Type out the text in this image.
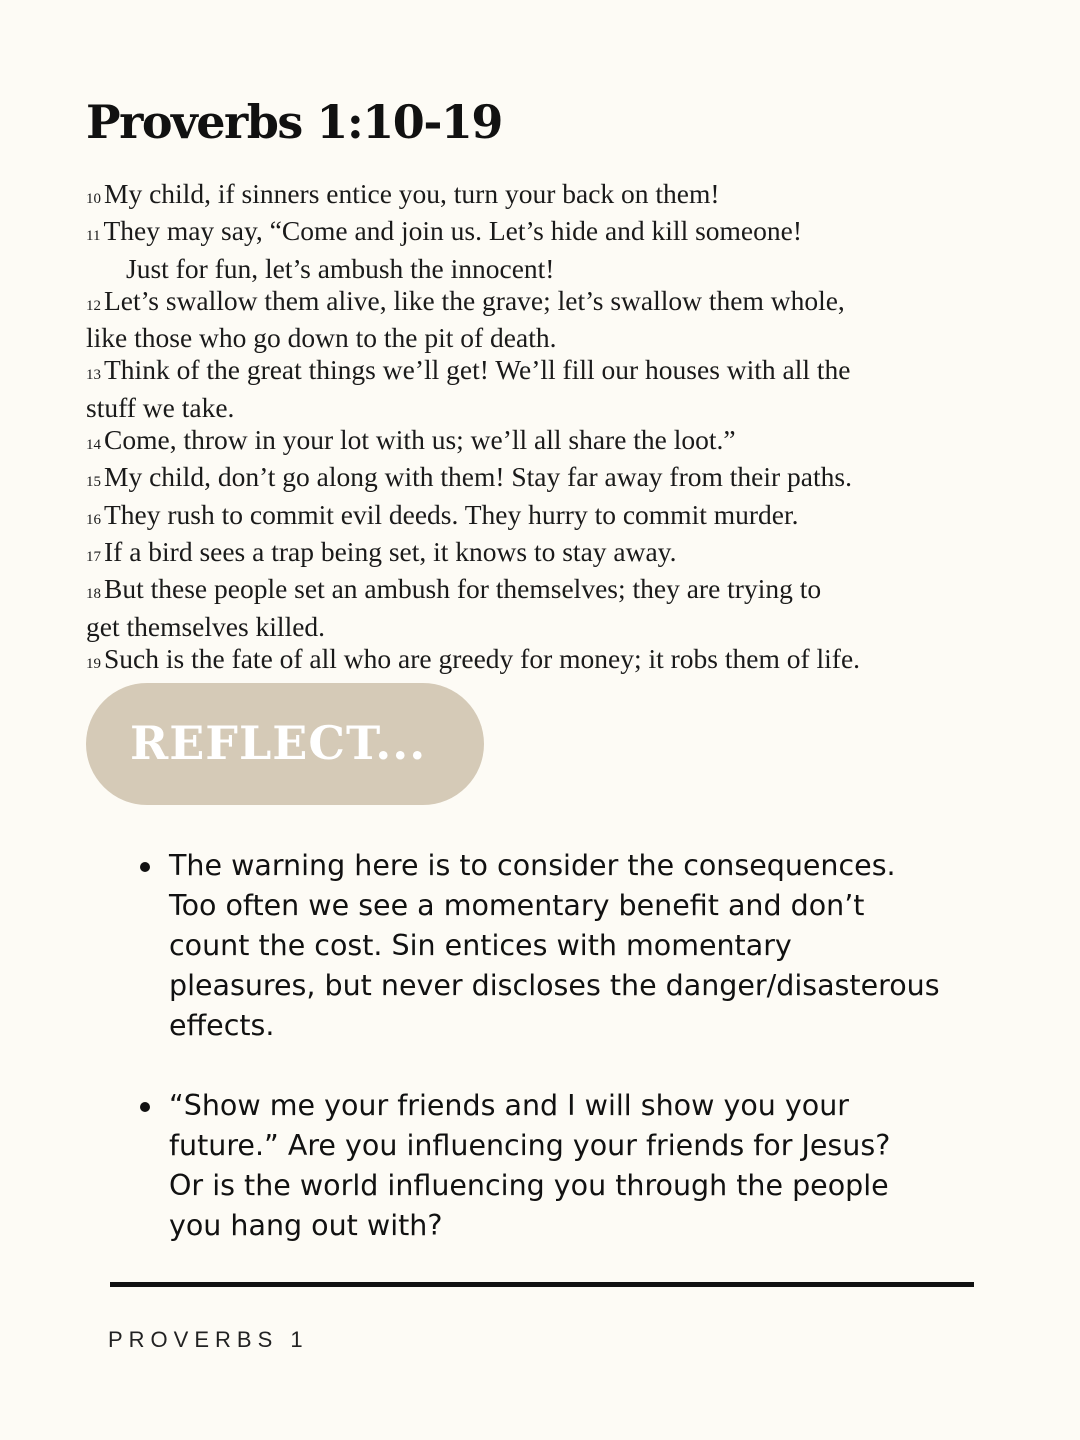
Proverbs 1:10-19
10 My child, if sinners entice you, turn your back on them!
11 They may say, “Come and join us. Let’s hide and kill someone!
Just for fun, let’s ambush the innocent!
12 Let’s swallow them alive, like the grave; let’s swallow them whole,
like those who go down to the pit of death.
13 Think of the great things we’ll get! We’ll fill our houses with all the
stuff we take.
14 Come, throw in your lot with us; we’ll all share the loot.”
15 My child, don’t go along with them! Stay far away from their paths.
16 They rush to commit evil deeds. They hurry to commit murder.
17 If a bird sees a trap being set, it knows to stay away.
18 But these people set an ambush for themselves; they are trying to
get themselves killed.
19 Such is the fate of all who are greedy for money; it robs them of life.
REFLECT...
The warning here is to consider the consequences.
Too often we see a momentary benefit and don’t
count the cost. Sin entices with momentary
pleasures, but never discloses the danger/disasterous
effects.
“Show me your friends and I will show you your
future.” Are you influencing your friends for Jesus?
Or is the world influencing you through the people
you hang out with?
PROVERBS 1
